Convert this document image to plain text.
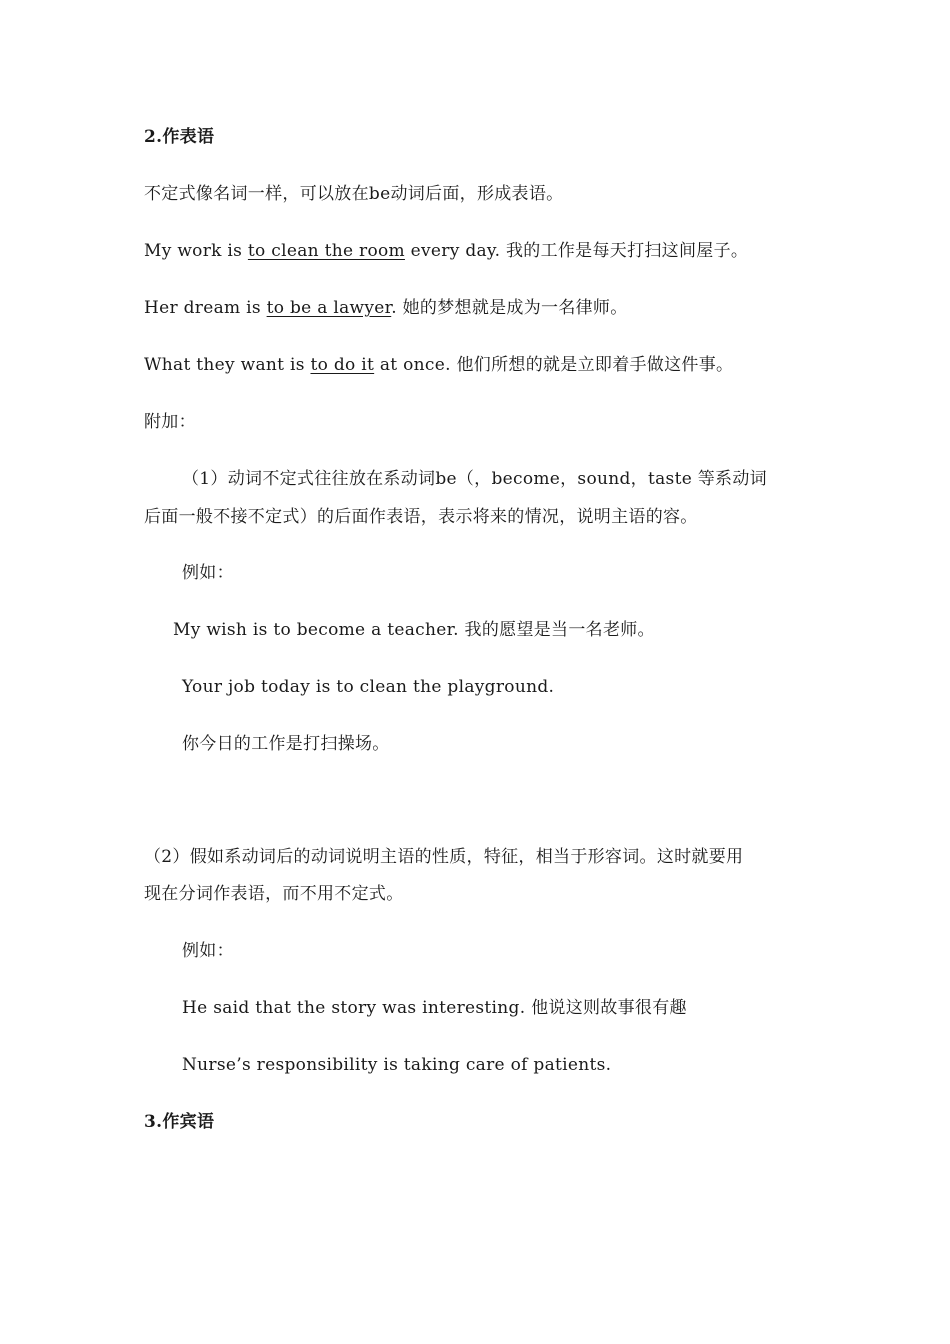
2.作表语
不定式像名词一样，可以放在be动词后面，形成表语。
My work is to clean the room every day. 我的工作是每天打扫这间屋子。
Her dream is to be a lawyer. 她的梦想就是成为一名律师。
What they want is to do it at once. 他们所想的就是立即着手做这件事。
附加：
（1）动词不定式往往放在系动词be（，become，sound，taste 等系动词
后面一般不接不定式）的后面作表语，表示将来的情况，说明主语的容。
例如：
My wish is to become a teacher. 我的愿望是当一名老师。
Your job today is to clean the playground.
你今日的工作是打扫操场。
（2）假如系动词后的动词说明主语的性质，特征，相当于形容词。这时就要用
现在分词作表语，而不用不定式。
例如：
He said that the story was interesting. 他说这则故事很有趣
Nurse’s responsibility is taking care of patients.
3.作宾语
